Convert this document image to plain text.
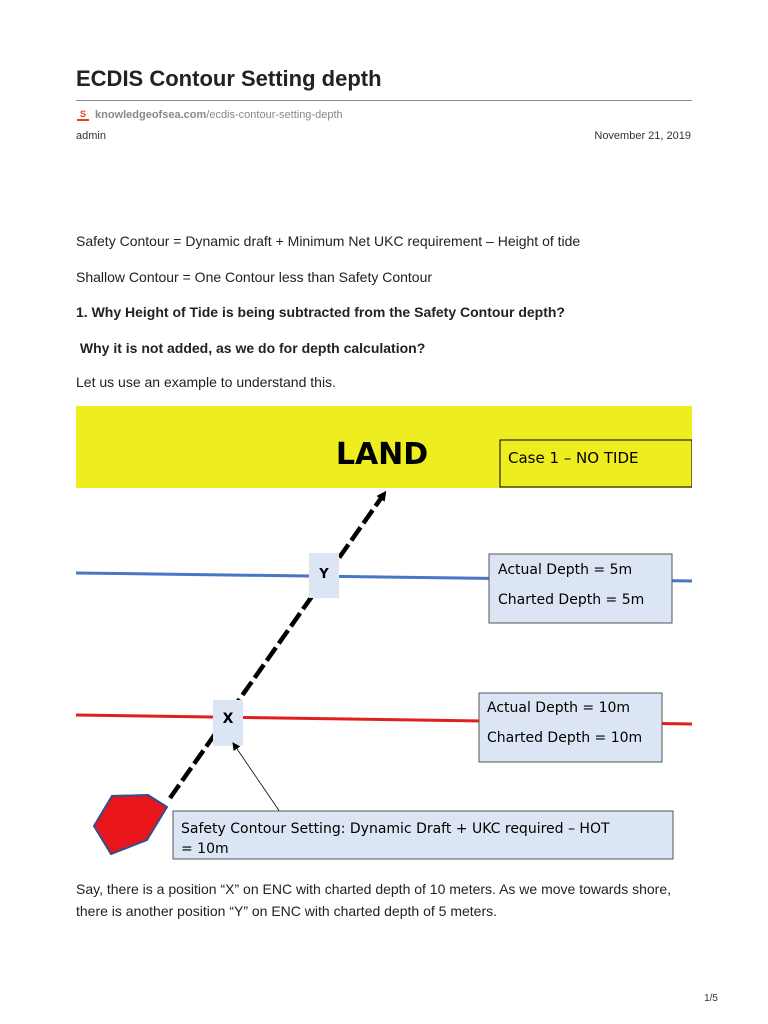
ECDIS Contour Setting depth
S knowledgeofsea.com /ecdis-contour-setting-depth
admin	November 21, 2019

Safety Contour = Dynamic draft + Minimum Net UKC requirement – Height of tide

Shallow Contour = One Contour less than Safety Contour

1. Why Height of Tide is being subtracted from the Safety Contour depth?

Why it is not added, as we do for depth calculation?

Let us use an example to understand this.

LAND	Case 1 – NO TIDE
Y
X
Actual Depth = 5m
Charted Depth = 5m
Actual Depth = 10m
Charted Depth = 10m
Safety Contour Setting: Dynamic Draft + UKC required – HOT
= 10m

Say, there is a position “X” on ENC with charted depth of 10 meters. As we move towards shore, there is another position “Y” on ENC with charted depth of 5 meters.

1/5
